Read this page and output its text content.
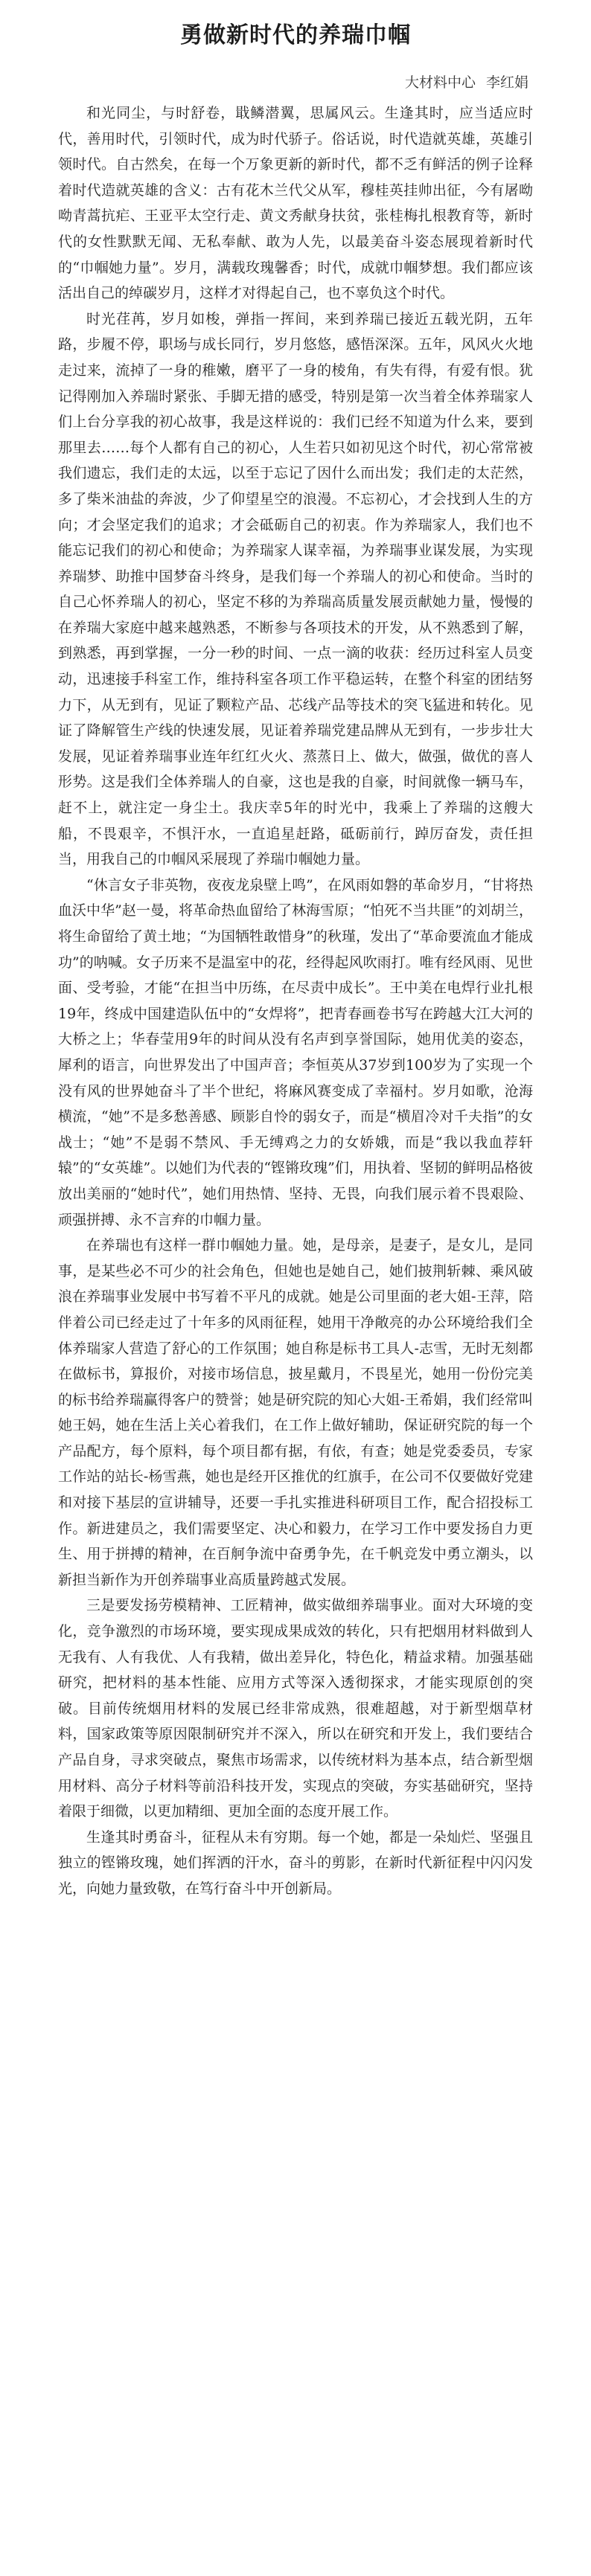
勇做新时代的养瑞巾帼
大材料中心 李红娟

和光同尘，与时舒卷，戢鳞潜翼，思属风云。生逢其时，应当适应时代，善用时代，引领时代，成为时代骄子。俗话说，时代造就英雄，英雄引领时代。自古然矣，在每一个万象更新的新时代，都不乏有鲜活的例子诠释着时代造就英雄的含义：古有花木兰代父从军，穆桂英挂帅出征，今有屠呦呦青蒿抗疟、王亚平太空行走、黄文秀献身扶贫，张桂梅扎根教育等，新时代的女性默默无闻、无私奉献、敢为人先，以最美奋斗姿态展现着新时代的“巾帼她力量”。岁月，满载玫瑰馨香；时代，成就巾帼梦想。我们都应该活出自己的绰碳岁月，这样才对得起自己，也不辜负这个时代。

时光荏苒，岁月如梭，弹指一挥间，来到养瑞已接近五载光阴，五年路，步履不停，职场与成长同行，岁月悠悠，感悟深深。五年，风风火火地走过来，流掉了一身的稚嫩，磨平了一身的棱角，有失有得，有爱有恨。犹记得刚加入养瑞时紧张、手脚无措的感受，特别是第一次当着全体养瑞家人们上台分享我的初心故事，我是这样说的：我们已经不知道为什么来，要到那里去……每个人都有自己的初心，人生若只如初见这个时代，初心常常被我们遗忘，我们走的太远，以至于忘记了因什么而出发；我们走的太茫然，多了柴米油盐的奔波，少了仰望星空的浪漫。不忘初心，才会找到人生的方向；才会坚定我们的追求；才会砥砺自己的初衷。作为养瑞家人，我们也不能忘记我们的初心和使命；为养瑞家人谋幸福，为养瑞事业谋发展，为实现养瑞梦、助推中国梦奋斗终身，是我们每一个养瑞人的初心和使命。当时的自己心怀养瑞人的初心，坚定不移的为养瑞高质量发展贡献她力量，慢慢的在养瑞大家庭中越来越熟悉，不断参与各项技术的开发，从不熟悉到了解，到熟悉，再到掌握，一分一秒的时间、一点一滴的收获：经历过科室人员变动，迅速接手科室工作，维持科室各项工作平稳运转，在整个科室的团结努力下，从无到有，见证了颗粒产品、芯线产品等技术的突飞猛进和转化。见证了降解管生产线的快速发展，见证着养瑞党建品牌从无到有，一步步壮大发展，见证着养瑞事业连年红红火火、蒸蒸日上、做大，做强，做优的喜人形势。这是我们全体养瑞人的自豪，这也是我的自豪，时间就像一辆马车，赶不上，就注定一身尘土。我庆幸5年的时光中，我乘上了养瑞的这艘大船，不畏艰辛，不惧汗水，一直追星赶路，砥砺前行，踔厉奋发，责任担当，用我自己的巾帼风采展现了养瑞巾帼她力量。

“休言女子非英物，夜夜龙泉壁上鸣”，在风雨如磐的革命岁月，“甘将热血沃中华”赵一曼，将革命热血留给了林海雪原；“怕死不当共匪”的刘胡兰，将生命留给了黄土地；“为国牺牲敢惜身”的秋瑾，发出了“革命要流血才能成功”的呐喊。女子历来不是温室中的花，经得起风吹雨打。唯有经风雨、见世面、受考验，才能“在担当中历练，在尽责中成长”。王中美在电焊行业扎根19年，终成中国建造队伍中的“女焊将”，把青春画卷书写在跨越大江大河的大桥之上；华春莹用9年的时间从没有名声到享誉国际，她用优美的姿态，犀利的语言，向世界发出了中国声音；李恒英从37岁到100岁为了实现一个没有风的世界她奋斗了半个世纪，将麻风赛变成了幸福村。岁月如歌，沧海横流，“她”不是多愁善感、顾影自怜的弱女子，而是“横眉冷对千夫指”的女战士；“她”不是弱不禁风、手无缚鸡之力的女娇娥，而是“我以我血荐轩辕”的“女英雄”。以她们为代表的“铿锵玫瑰”们，用执着、坚韧的鲜明品格彼放出美丽的“她时代”，她们用热情、坚持、无畏，向我们展示着不畏艰险、顽强拼搏、永不言弃的巾帼力量。

在养瑞也有这样一群巾帼她力量。她，是母亲，是妻子，是女儿，是同事，是某些必不可少的社会角色，但她也是她自己，她们披荆斩棘、乘风破浪在养瑞事业发展中书写着不平凡的成就。她是公司里面的老大姐-王萍，陪伴着公司已经走过了十年多的风雨征程，她用干净敞亮的办公环境给我们全体养瑞家人营造了舒心的工作氛围；她自称是标书工具人-志雪，无时无刻都在做标书，算报价，对接市场信息，披星戴月，不畏星光，她用一份份完美的标书给养瑞赢得客户的赞誉；她是研究院的知心大姐-王希娟，我们经常叫她王妈，她在生活上关心着我们，在工作上做好辅助，保证研究院的每一个产品配方，每个原料，每个项目都有据，有依，有查；她是党委委员，专家工作站的站长-杨雪燕，她也是经开区推优的红旗手，在公司不仅要做好党建和对接下基层的宣讲辅导，还要一手扎实推进科研项目工作，配合招投标工作。新进建员之，我们需要坚定、决心和毅力，在学习工作中要发扬自力更生、用于拼搏的精神，在百舸争流中奋勇争先，在千帆竞发中勇立潮头，以新担当新作为开创养瑞事业高质量跨越式发展。

三是要发扬劳模精神、工匠精神，做实做细养瑞事业。面对大环境的变化，竞争激烈的市场环境，要实现成果成效的转化，只有把烟用材料做到人无我有、人有我优、人有我精，做出差异化，特色化，精益求精。加强基础研究，把材料的基本性能、应用方式等深入透彻探求，才能实现原创的突破。目前传统烟用材料的发展已经非常成熟，很难超越，对于新型烟草材料，国家政策等原因限制研究并不深入，所以在研究和开发上，我们要结合产品自身，寻求突破点，聚焦市场需求，以传统材料为基本点，结合新型烟用材料、高分子材料等前沿科技开发，实现点的突破，夯实基础研究，坚持着限于细微，以更加精细、更加全面的态度开展工作。

生逢其时勇奋斗，征程从未有穷期。每一个她，都是一朵灿烂、坚强且独立的铿锵玫瑰，她们挥洒的汗水，奋斗的剪影，在新时代新征程中闪闪发光，向她力量致敬，在笃行奋斗中开创新局。
